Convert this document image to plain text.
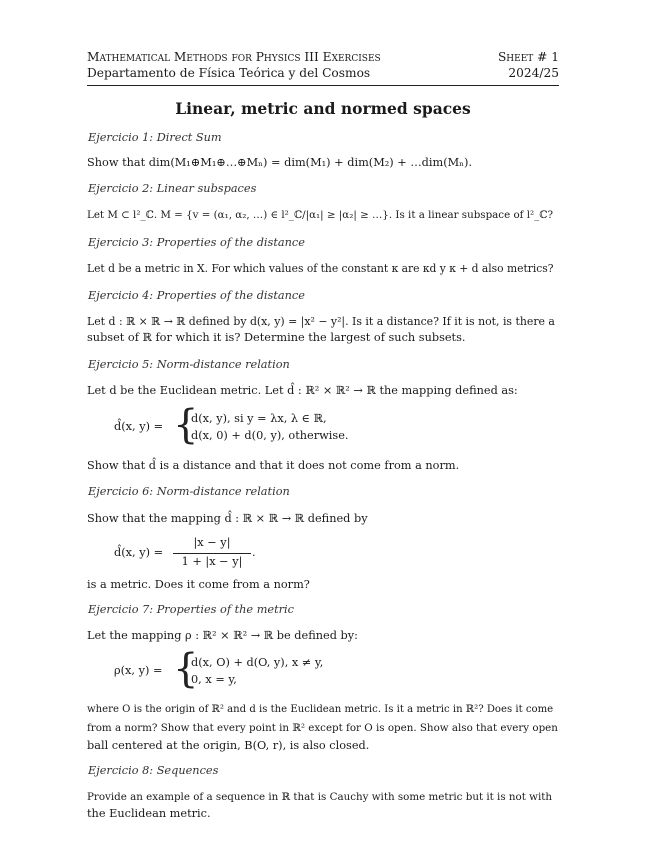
Mathematical Methods for Physics III Exercises	Sheet # 1
Departamento de Física Teórica y del Cosmos	2024/25
Linear, metric and normed spaces
Ejercicio 1: Direct Sum
Show that dim(M₁⊕M₁⊕…⊕Mₙ) = dim(M₁) + dim(M₂) + …dim(Mₙ).
Ejercicio 2: Linear subspaces
Let M ⊂ l²_ℂ. M = {v = (α₁, α₂, …) ∈ l²_ℂ/|α₁| ≥ |α₂| ≥ …}. Is it a linear subspace of l²_ℂ?
Ejercicio 3: Properties of the distance
Let d be a metric in X. For which values of the constant κ are κd y κ + d also metrics?
Ejercicio 4: Properties of the distance
Let d : ℝ × ℝ → ℝ defined by d(x, y) = |x² − y²|. Is it a distance? If it is not, is there a
subset of ℝ for which it is? Determine the largest of such subsets.
Ejercicio 5: Norm-distance relation
Let d be the Euclidean metric. Let d̂ : ℝ² × ℝ² → ℝ the mapping defined as:
d̂(x, y) = {
d(x, y), si y = λx, λ ∈ ℝ,
d(x, 0) + d(0, y), otherwise.
Show that d̂ is a distance and that it does not come from a norm.
Ejercicio 6: Norm-distance relation
Show that the mapping d̂ : ℝ × ℝ → ℝ defined by
d̂(x, y) =
|x − y|
1 + |x − y|
.
is a metric. Does it come from a norm?
Ejercicio 7: Properties of the metric
Let the mapping ρ : ℝ² × ℝ² → ℝ be defined by:
ρ(x, y) = {
d(x, O) + d(O, y), x ≠ y,
0, x = y,
where O is the origin of ℝ² and d is the Euclidean metric. Is it a metric in ℝ²? Does it come
from a norm? Show that every point in ℝ² except for O is open. Show also that every open
ball centered at the origin, B(O, r), is also closed.
Ejercicio 8: Sequences
Provide an example of a sequence in ℝ that is Cauchy with some metric but it is not with
the Euclidean metric.
